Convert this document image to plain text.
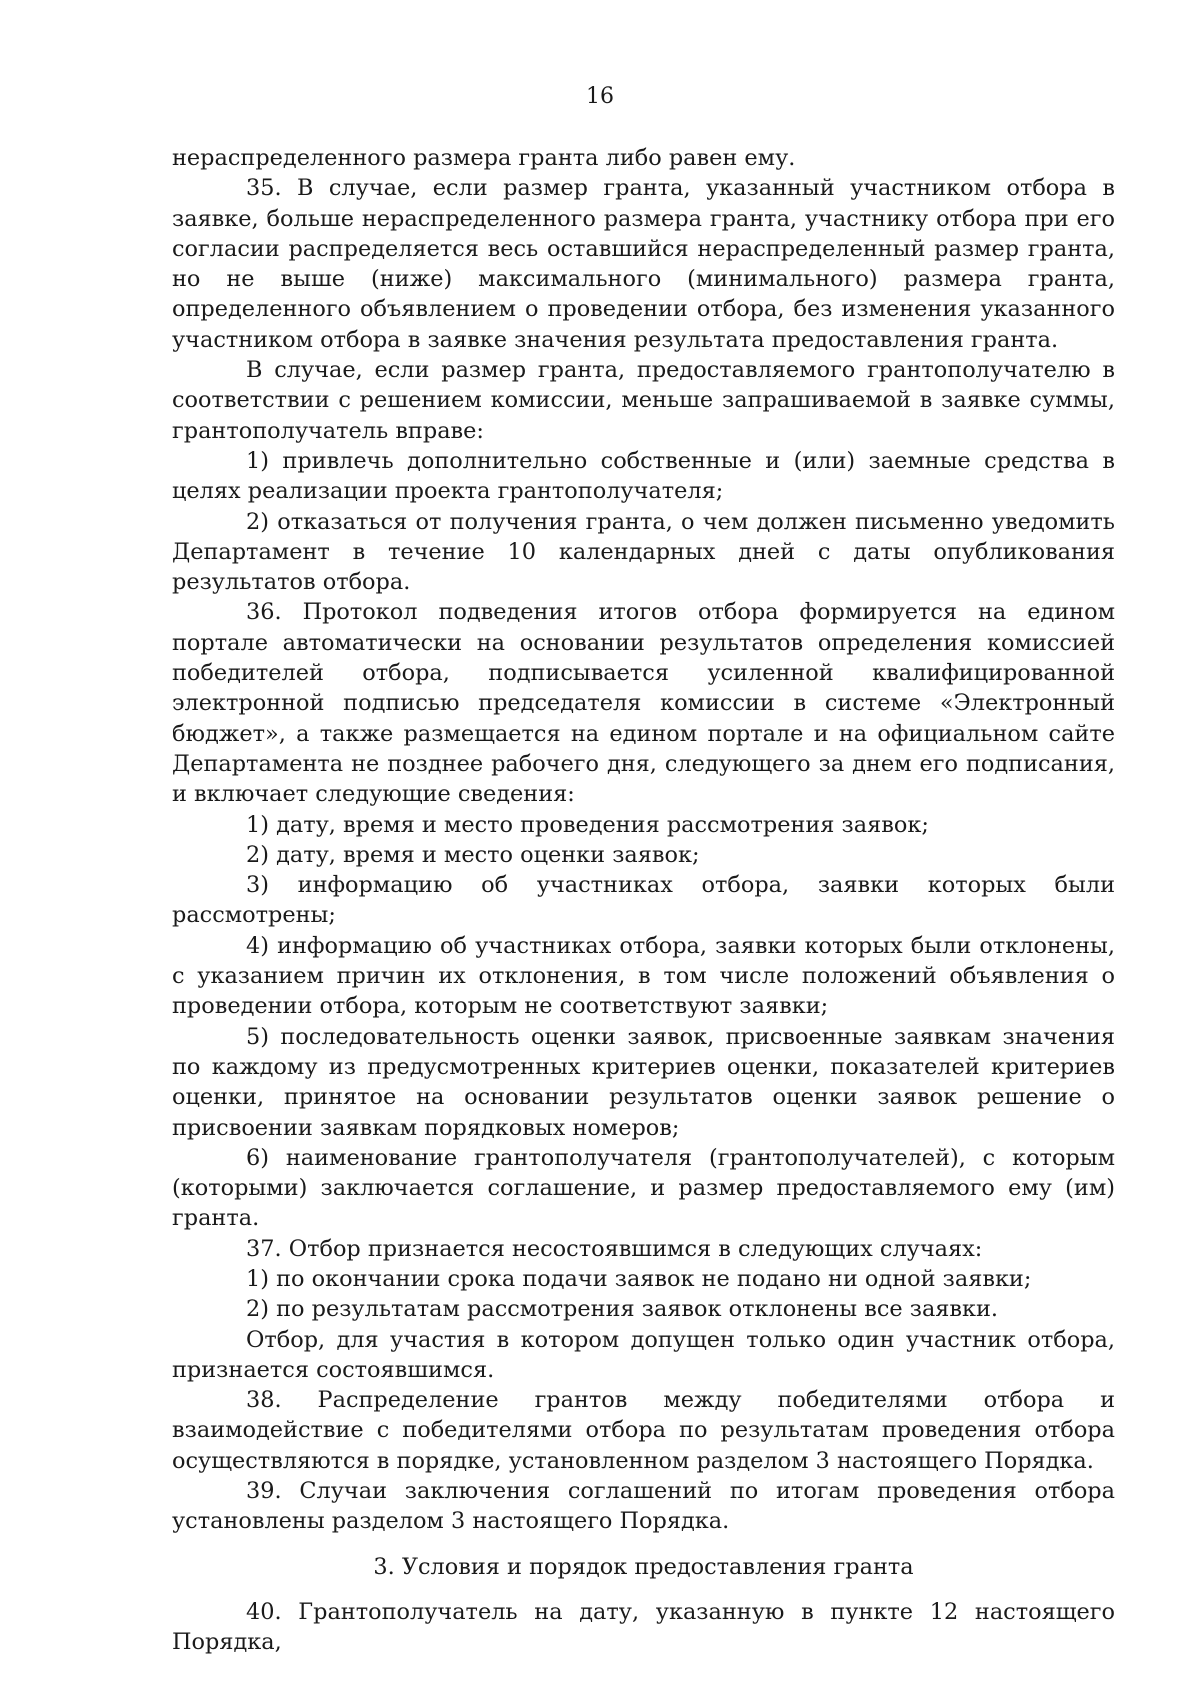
16

нераспределенного размера гранта либо равен ему.

35. В случае, если размер гранта, указанный участником отбора в заявке, больше нераспределенного размера гранта, участнику отбора при его согласии распределяется весь оставшийся нераспределенный размер гранта, но не выше (ниже) максимального (минимального) размера гранта, определенного объявлением о проведении отбора, без изменения указанного участником отбора в заявке значения результата предоставления гранта.

В случае, если размер гранта, предоставляемого грантополучателю в соответствии с решением комиссии, меньше запрашиваемой в заявке суммы, грантополучатель вправе:

1) привлечь дополнительно собственные и (или) заемные средства в целях реализации проекта грантополучателя;

2) отказаться от получения гранта, о чем должен письменно уведомить Департамент в течение 10 календарных дней с даты опубликования результатов отбора.

36. Протокол подведения итогов отбора формируется на едином портале автоматически на основании результатов определения комиссией победителей отбора, подписывается усиленной квалифицированной электронной подписью председателя комиссии в системе «Электронный бюджет», а также размещается на едином портале и на официальном сайте Департамента не позднее рабочего дня, следующего за днем его подписания, и включает следующие сведения:

1) дату, время и место проведения рассмотрения заявок;

2) дату, время и место оценки заявок;

3) информацию об участниках отбора, заявки которых были рассмотрены;

4) информацию об участниках отбора, заявки которых были отклонены, с указанием причин их отклонения, в том числе положений объявления о проведении отбора, которым не соответствуют заявки;

5) последовательность оценки заявок, присвоенные заявкам значения по каждому из предусмотренных критериев оценки, показателей критериев оценки, принятое на основании результатов оценки заявок решение о присвоении заявкам порядковых номеров;

6) наименование грантополучателя (грантополучателей), с которым (которыми) заключается соглашение, и размер предоставляемого ему (им) гранта.

37. Отбор признается несостоявшимся в следующих случаях:

1) по окончании срока подачи заявок не подано ни одной заявки;

2) по результатам рассмотрения заявок отклонены все заявки.

Отбор, для участия в котором допущен только один участник отбора, признается состоявшимся.

38. Распределение грантов между победителями отбора и взаимодействие с победителями отбора по результатам проведения отбора осуществляются в порядке, установленном разделом 3 настоящего Порядка.

39. Случаи заключения соглашений по итогам проведения отбора установлены разделом 3 настоящего Порядка.

3. Условия и порядок предоставления гранта

40. Грантополучатель на дату, указанную в пункте 12 настоящего Порядка,
